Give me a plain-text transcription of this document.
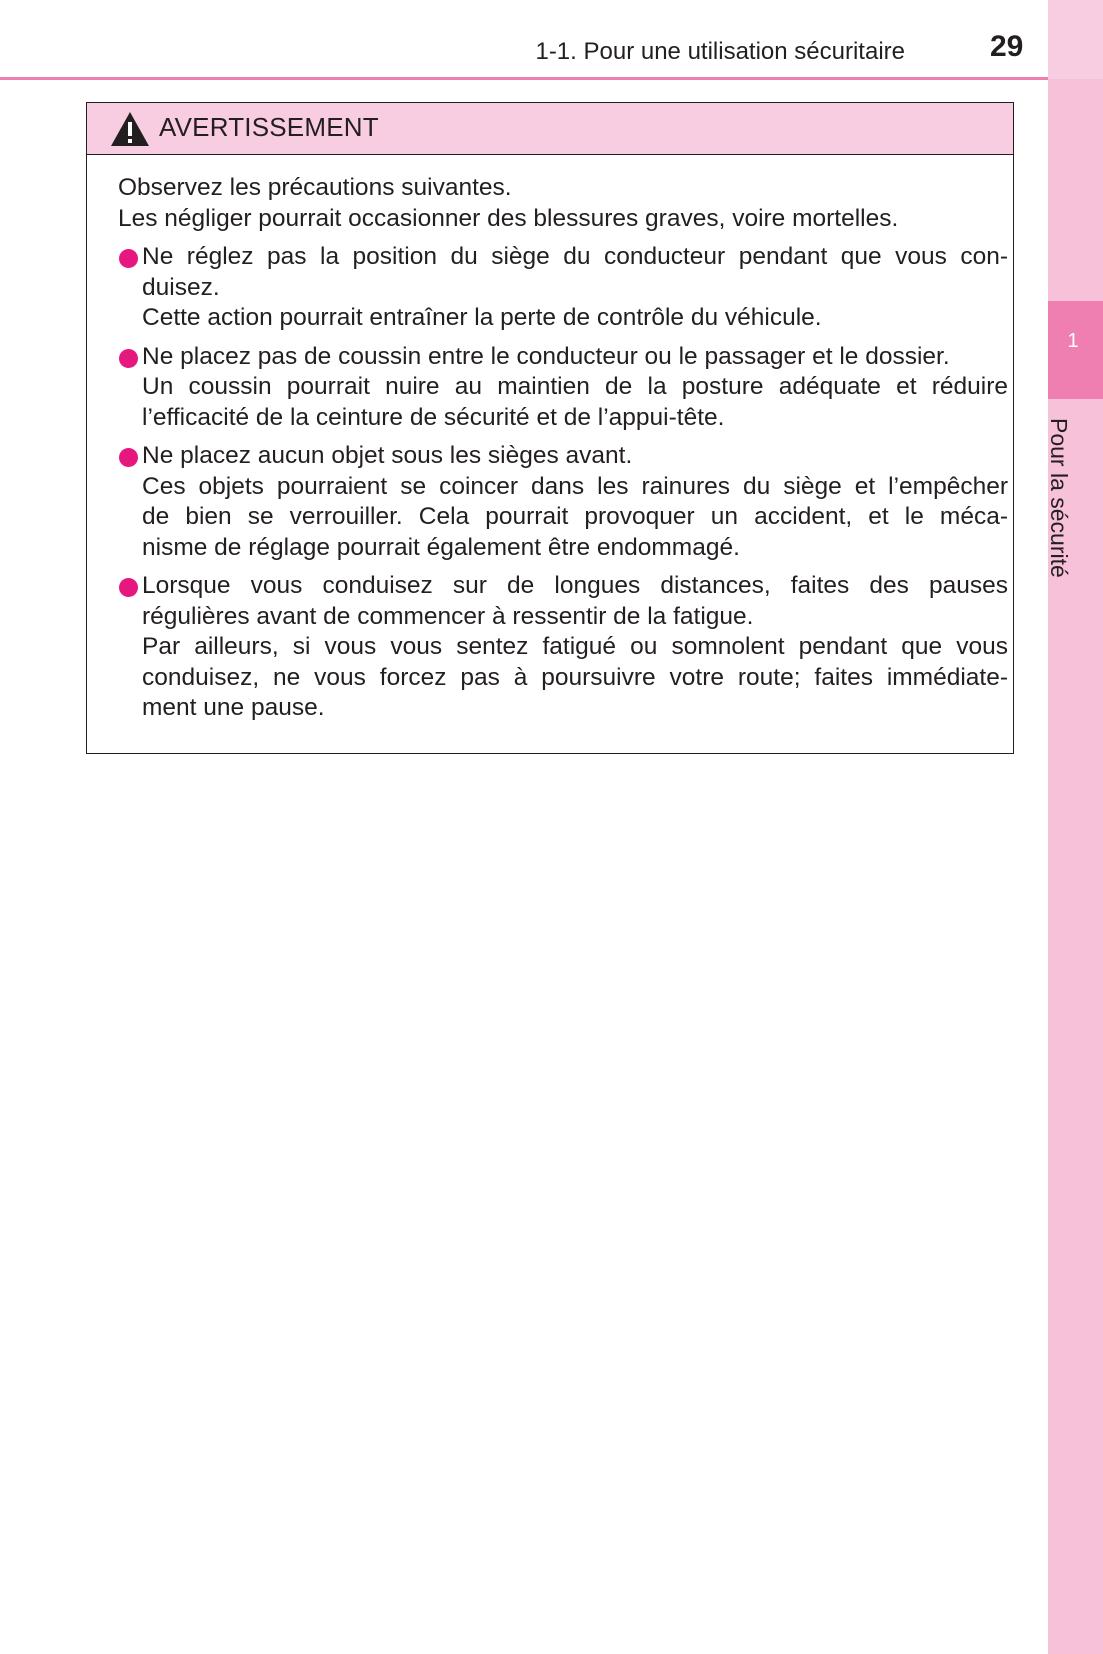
1
Pour la sécurité
1-1. Pour une utilisation sécuritaire	29
AVERTISSEMENT
Observez les précautions suivantes.
Les négliger pourrait occasionner des blessures graves, voire mortelles.
Ne réglez pas la position du siège du conducteur pendant que vous con-
duisez.
Cette action pourrait entraîner la perte de contrôle du véhicule.
Ne placez pas de coussin entre le conducteur ou le passager et le dossier.
Un coussin pourrait nuire au maintien de la posture adéquate et réduire
l’efficacité de la ceinture de sécurité et de l’appui-tête.
Ne placez aucun objet sous les sièges avant.
Ces objets pourraient se coincer dans les rainures du siège et l’empêcher
de bien se verrouiller. Cela pourrait provoquer un accident, et le méca-
nisme de réglage pourrait également être endommagé.
Lorsque vous conduisez sur de longues distances, faites des pauses
régulières avant de commencer à ressentir de la fatigue.
Par ailleurs, si vous vous sentez fatigué ou somnolent pendant que vous
conduisez, ne vous forcez pas à poursuivre votre route; faites immédiate-
ment une pause.
